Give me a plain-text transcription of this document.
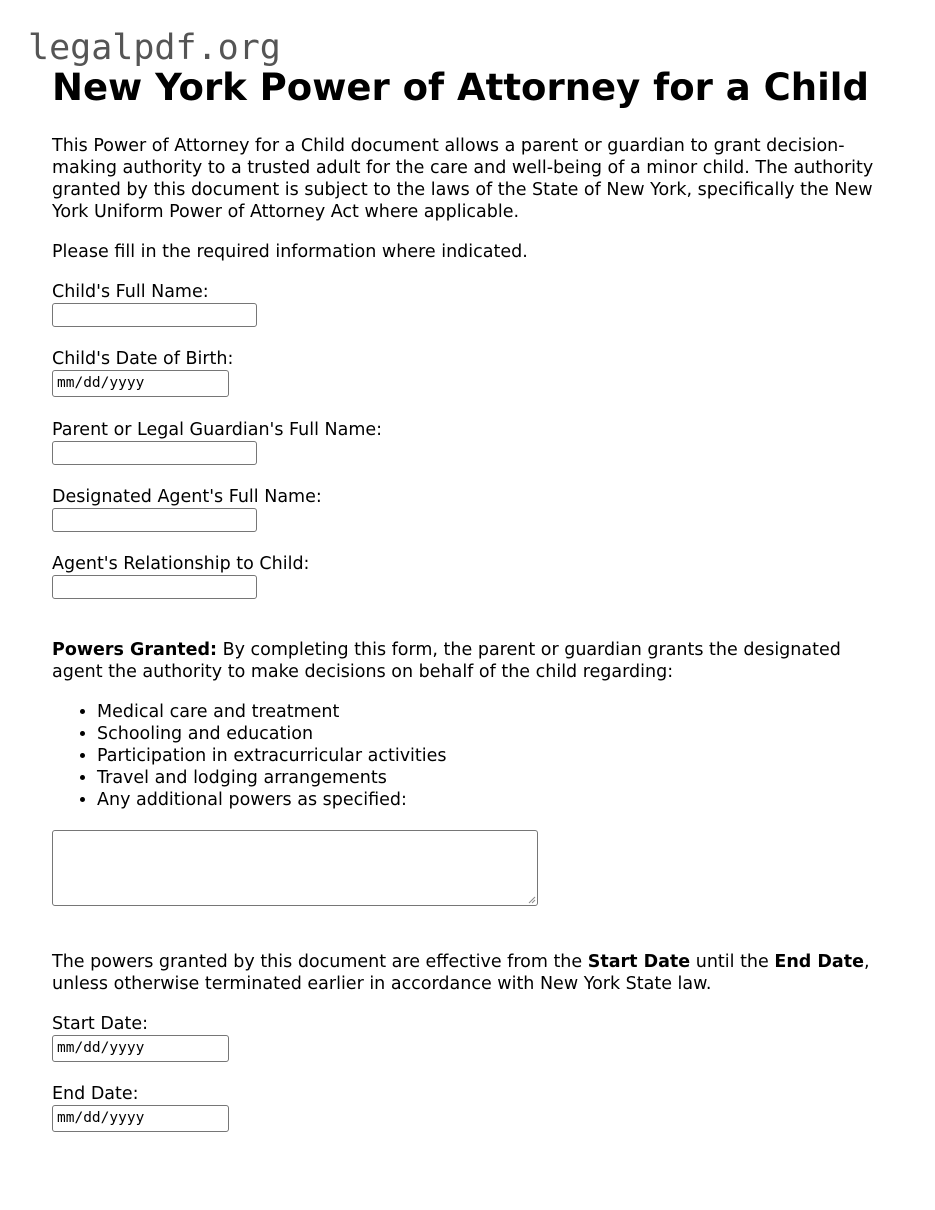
legalpdf.org
New York Power of Attorney for a Child

This Power of Attorney for a Child document allows a parent or guardian to grant decision-making authority to a trusted adult for the care and well-being of a minor child. The authority granted by this document is subject to the laws of the State of New York, specifically the New York Uniform Power of Attorney Act where applicable.

Please fill in the required information where indicated.

Child's Full Name:
Child's Date of Birth:
mm/dd/yyyy
Parent or Legal Guardian's Full Name:
Designated Agent's Full Name:
Agent's Relationship to Child:

Powers Granted: By completing this form, the parent or guardian grants the designated agent the authority to make decisions on behalf of the child regarding:

• Medical care and treatment
• Schooling and education
• Participation in extracurricular activities
• Travel and lodging arrangements
• Any additional powers as specified:

The powers granted by this document are effective from the Start Date until the End Date, unless otherwise terminated earlier in accordance with New York State law.

Start Date:
mm/dd/yyyy
End Date:
mm/dd/yyyy
